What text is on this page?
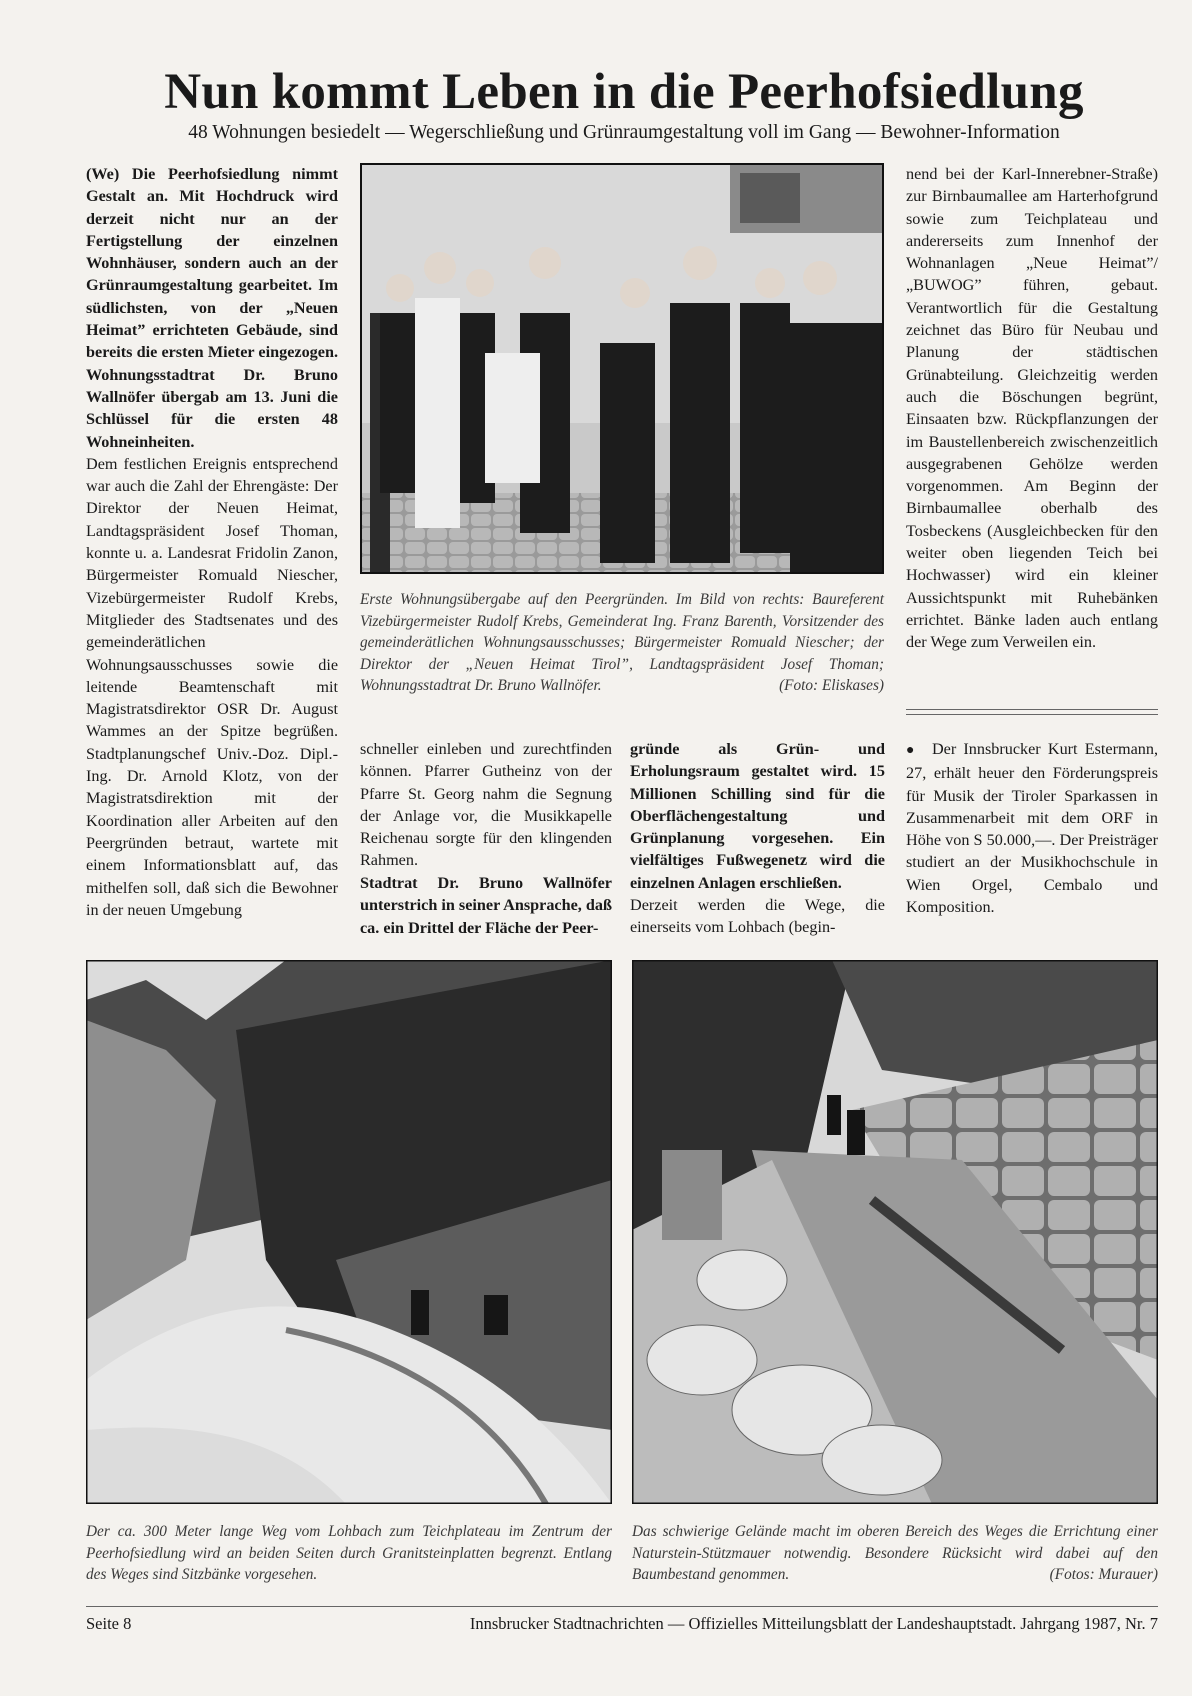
Nun kommt Leben in die Peerhofsiedlung
48 Wohnungen besiedelt — Wegerschließung und Grünraumgestaltung voll im Gang — Bewohner-Information

(We) Die Peerhofsiedlung nimmt Gestalt an. Mit Hochdruck wird derzeit nicht nur an der Fertigstellung der einzelnen Wohnhäuser, sondern auch an der Grünraumgestaltung gearbeitet. Im südlichsten, von der „Neuen Heimat” errichteten Gebäude, sind bereits die ersten Mieter eingezogen. Wohnungsstadtrat Dr. Bruno Wallnöfer übergab am 13. Juni die Schlüssel für die ersten 48 Wohneinheiten.

Dem festlichen Ereignis entsprechend war auch die Zahl der Ehrengäste: Der Direktor der Neuen Heimat, Landtagspräsident Josef Thoman, konnte u. a. Landesrat Fridolin Zanon, Bürgermeister Romuald Niescher, Vizebürgermeister Rudolf Krebs, Mitglieder des Stadtsenates und des gemeinderätlichen Wohnungsausschusses sowie die leitende Beamtenschaft mit Magistratsdirektor OSR Dr. August Wammes an der Spitze begrüßen. Stadtplanungschef Univ.-Doz. Dipl.-Ing. Dr. Arnold Klotz, von der Magistratsdirektion mit der Koordination aller Arbeiten auf den Peergründen betraut, wartete mit einem Informationsblatt auf, das mithelfen soll, daß sich die Bewohner in der neuen Umgebung

Erste Wohnungsübergabe auf den Peergründen. Im Bild von rechts: Baureferent Vizebürgermeister Rudolf Krebs, Gemeinderat Ing. Franz Barenth, Vorsitzender des gemeinderätlichen Wohnungsausschusses; Bürgermeister Romuald Niescher; der Direktor der „Neuen Heimat Tirol”, Landtagspräsident Josef Thoman; Wohnungsstadtrat Dr. Bruno Wallnöfer.	(Foto: Eliskases)

schneller einleben und zurechtfinden können. Pfarrer Gutheinz von der Pfarre St. Georg nahm die Segnung der Anlage vor, die Musikkapelle Reichenau sorgte für den klingenden Rahmen.

Stadtrat Dr. Bruno Wallnöfer unterstrich in seiner Ansprache, daß ca. ein Drittel der Fläche der Peer-

gründe als Grün- und Erholungsraum gestaltet wird. 15 Millionen Schilling sind für die Oberflächengestaltung und Grünplanung vorgesehen. Ein vielfältiges Fußwegenetz wird die einzelnen Anlagen erschließen.

Derzeit werden die Wege, die einerseits vom Lohbach (begin-

nend bei der Karl-Innerebner-Straße) zur Birnbaumallee am Harterhofgrund sowie zum Teichplateau und andererseits zum Innenhof der Wohnanlagen „Neue Heimat”/„BUWOG” führen, gebaut. Verantwortlich für die Gestaltung zeichnet das Büro für Neubau und Planung der städtischen Grünabteilung. Gleichzeitig werden auch die Böschungen begrünt, Einsaaten bzw. Rückpflanzungen der im Baustellenbereich zwischenzeitlich ausgegrabenen Gehölze werden vorgenommen. Am Beginn der Birnbaumallee oberhalb des Tosbeckens (Ausgleichbecken für den weiter oben liegenden Teich bei Hochwasser) wird ein kleiner Aussichtspunkt mit Ruhebänken errichtet. Bänke laden auch entlang der Wege zum Verweilen ein.

● Der Innsbrucker Kurt Estermann, 27, erhält heuer den Förderungspreis für Musik der Tiroler Sparkassen in Zusammenarbeit mit dem ORF in Höhe von S 50.000,—. Der Preisträger studiert an der Musikhochschule in Wien Orgel, Cembalo und Komposition.

Der ca. 300 Meter lange Weg vom Lohbach zum Teichplateau im Zentrum der Peerhofsiedlung wird an beiden Seiten durch Granitsteinplatten begrenzt. Entlang des Weges sind Sitzbänke vorgesehen.
Das schwierige Gelände macht im oberen Bereich des Weges die Errichtung einer Naturstein-Stützmauer notwendig. Besondere Rücksicht wird dabei auf den Baumbestand genommen.	(Fotos: Murauer)
Seite 8	Innsbrucker Stadtnachrichten — Offizielles Mitteilungsblatt der Landeshauptstadt. Jahrgang 1987, Nr. 7
